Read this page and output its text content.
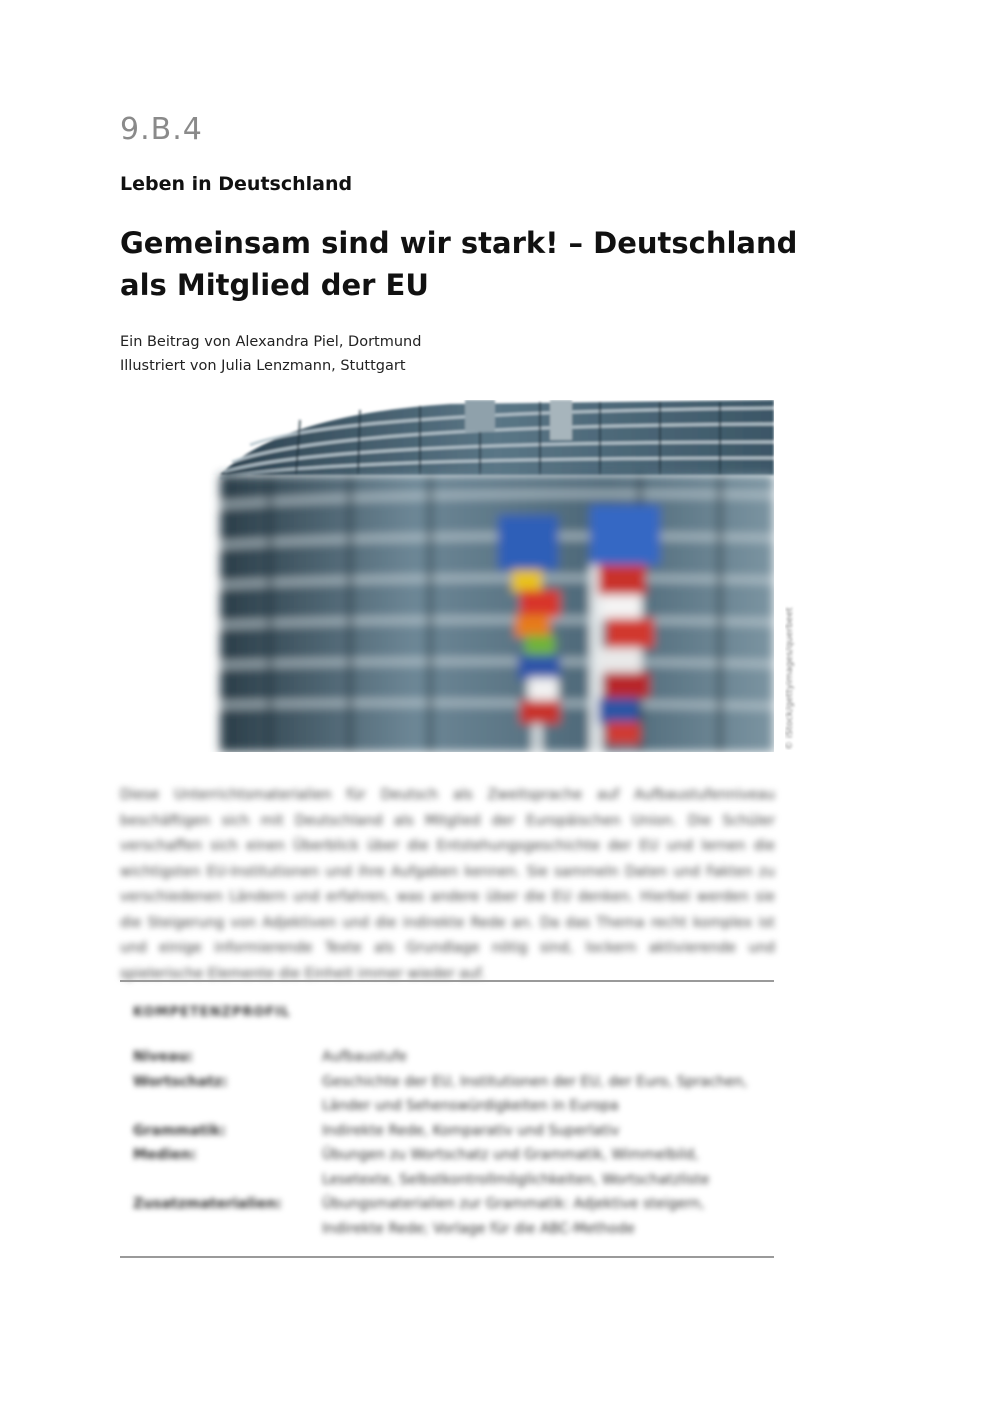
9.B.4
Leben in Deutschland
Gemeinsam sind wir stark! – Deutschland als Mitglied der EU
Ein Beitrag von Alexandra Piel, Dortmund
Illustriert von Julia Lenzmann, Stuttgart
© iStock/gettyimages/querbeet

Diese Unterrichtsmaterialien für Deutsch als Zweitsprache auf Aufbaustufenniveau beschäftigen sich mit Deutschland als Mitglied der Europäischen Union. Die Schüler verschaffen sich einen Überblick über die Entstehungsgeschichte der EU und lernen die wichtigsten EU-Institutionen und ihre Aufgaben kennen. Sie sammeln Daten und Fakten zu verschiedenen Ländern und erfahren, was andere über die EU denken. Hierbei werden sie die Steigerung von Adjektiven und die indirekte Rede an. Da das Thema recht komplex ist und einige informierende Texte als Grundlage nötig sind, lockern aktivierende und spielerische Elemente die Einheit immer wieder auf.

KOMPETENZPROFIL
Niveau:	Aufbaustufe
Wortschatz:	Geschichte der EU, Institutionen der EU, der Euro, Sprachen, Länder und Sehenswürdigkeiten in Europa
Grammatik:	Indirekte Rede, Komparativ und Superlativ
Medien:	Übungen zu Wortschatz und Grammatik, Wimmelbild, Lesetexte, Selbstkontrollmöglichkeiten, Wortschatzliste
Zusatzmaterialien:	Übungsmaterialien zur Grammatik: Adjektive steigern, Indirekte Rede; Vorlage für die ABC-Methode
